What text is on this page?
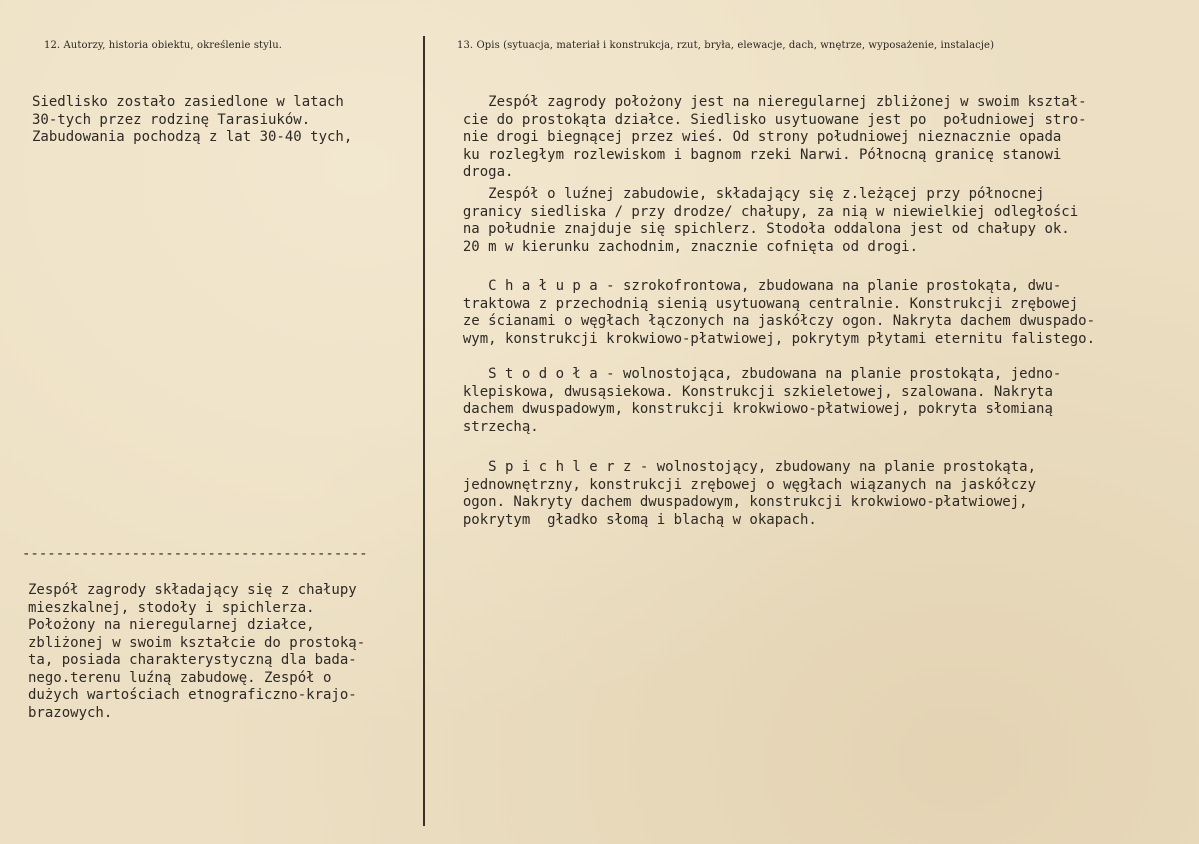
12. Autorzy, historia obiektu, określenie stylu.	13. Opis (sytuacja, materiał i konstrukcja, rzut, bryła, elewacje, dach, wnętrze, wyposażenie, instalacje)
Siedlisko zostało zasiedlone w latach
30-tych przez rodzinę Tarasiuków.
Zabudowania pochodzą z lat 30-40 tych,
-----------------------------------------
Zespół zagrody składający się z chałupy
mieszkalnej, stodoły i spichlerza.
Położony na nieregularnej działce,
zbliżonej w swoim kształcie do prostoką-
ta, posiada charakterystyczną dla bada-
nego.terenu luźną zabudowę. Zespół o
dużych wartościach etnograficzno-krajo-
brazowych.
Zespół zagrody położony jest na nieregularnej zbliżonej w swoim kształ-
cie do prostokąta działce. Siedlisko usytuowane jest po  południowej stro-
nie drogi biegnącej przez wieś. Od strony południowej nieznacznie opada
ku rozległym rozlewiskom i bagnom rzeki Narwi. Północną granicę stanowi
droga.
Zespół o luźnej zabudowie, składający się z.leżącej przy północnej
granicy siedliska / przy drodze/ chałupy, za nią w niewielkiej odległości
na południe znajduje się spichlerz. Stodoła oddalona jest od chałupy ok.
20 m w kierunku zachodnim, znacznie cofnięta od drogi.
C h a ł u p a - szrokofrontowa, zbudowana na planie prostokąta, dwu-
traktowa z przechodnią sienią usytuowaną centralnie. Konstrukcji zrębowej
ze ścianami o węgłach łączonych na jaskółczy ogon. Nakryta dachem dwuspado-
wym, konstrukcji krokwiowo-płatwiowej, pokrytym płytami eternitu falistego.
S t o d o ł a - wolnostojąca, zbudowana na planie prostokąta, jedno-
klepiskowa, dwusąsiekowa. Konstrukcji szkieletowej, szalowana. Nakryta
dachem dwuspadowym, konstrukcji krokwiowo-płatwiowej, pokryta słomianą
strzechą.
S p i c h l e r z - wolnostojący, zbudowany na planie prostokąta,
jednownętrzny, konstrukcji zrębowej o węgłach wiązanych na jaskółczy
ogon. Nakryty dachem dwuspadowym, konstrukcji krokwiowo-płatwiowej,
pokrytym  gładko słomą i blachą w okapach.
